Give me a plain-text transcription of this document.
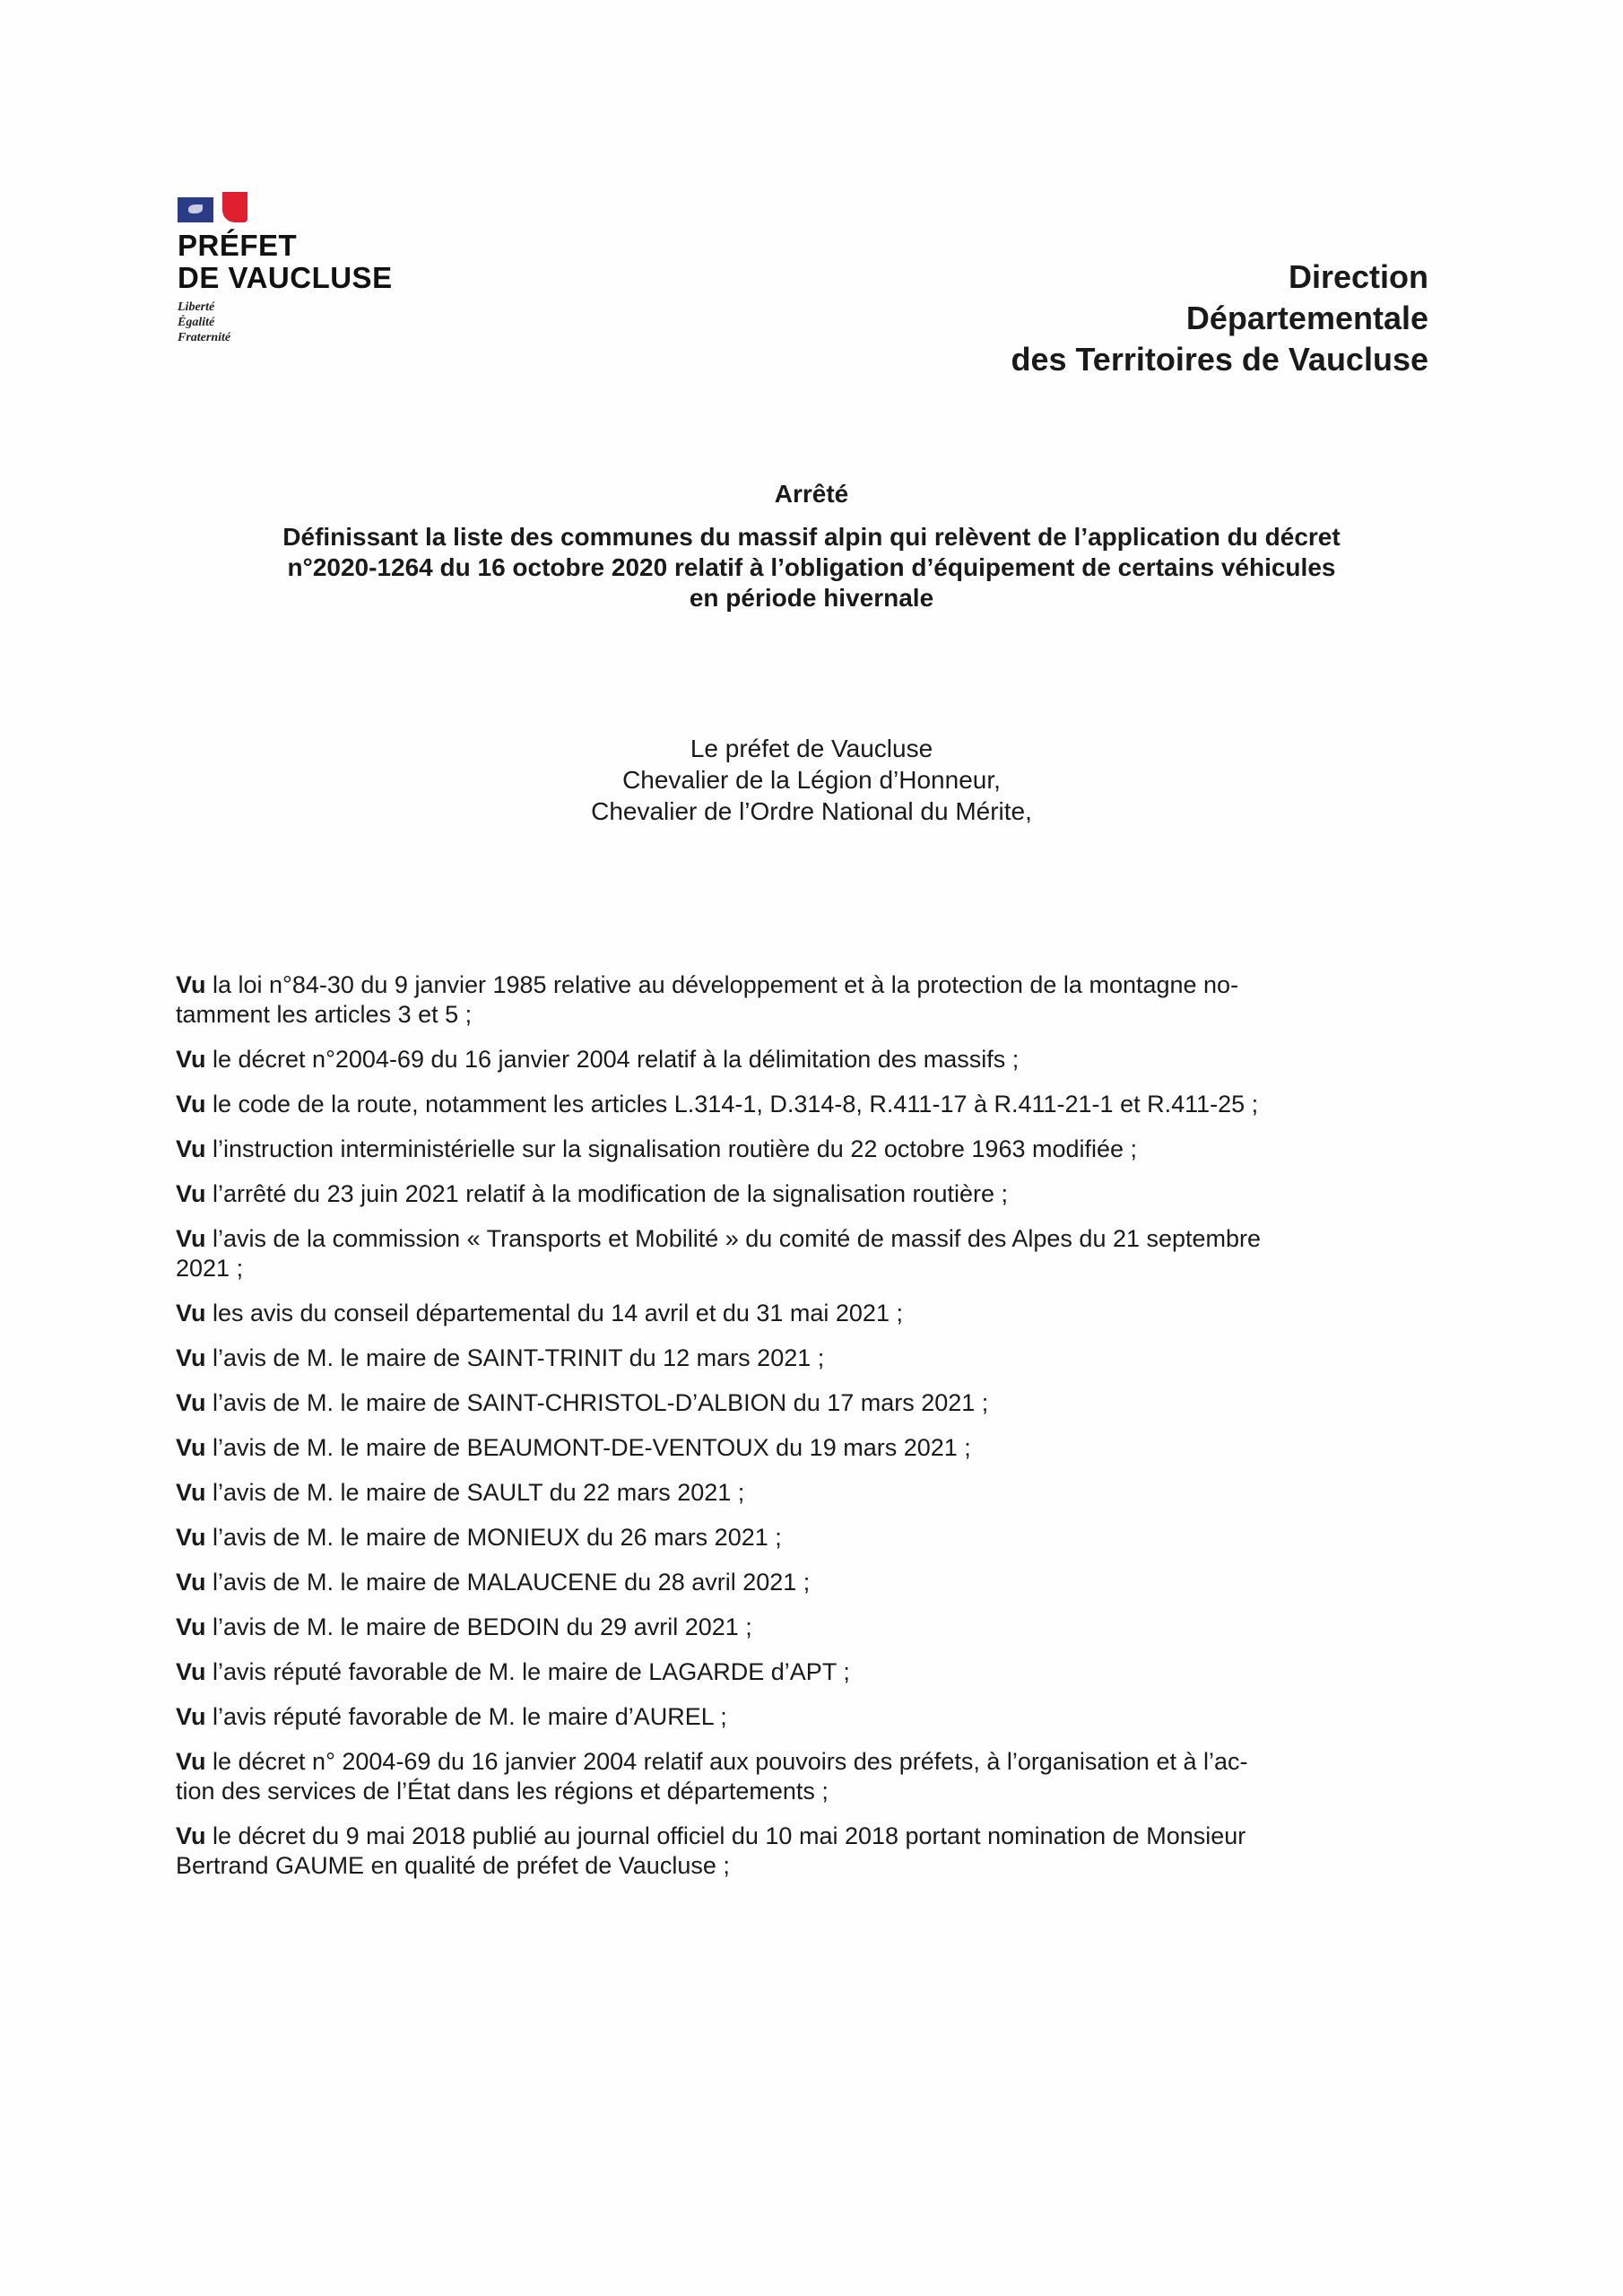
PRÉFET
DE VAUCLUSE
Liberté
Égalité
Fraternité
Direction
Départementale
des Territoires de Vaucluse
Arrêté
Définissant la liste des communes du massif alpin qui relèvent de l’application du décret
n°2020-1264 du 16 octobre 2020 relatif à l’obligation d’équipement de certains véhicules
en période hivernale
Le préfet de Vaucluse
Chevalier de la Légion d’Honneur,
Chevalier de l’Ordre National du Mérite,
Vu la loi n°84-30 du 9 janvier 1985 relative au développement et à la protection de la montagne no-
tamment les articles 3 et 5 ;
Vu le décret n°2004-69 du 16 janvier 2004 relatif à la délimitation des massifs ;
Vu le code de la route, notamment les articles L.314-1, D.314-8, R.411-17 à R.411-21-1 et R.411-25 ;
Vu l’instruction interministérielle sur la signalisation routière du 22 octobre 1963 modifiée ;
Vu l’arrêté du 23 juin 2021 relatif à la modification de la signalisation routière ;
Vu l’avis de la commission « Transports et Mobilité » du comité de massif des Alpes du 21 septembre
2021 ;
Vu les avis du conseil départemental du 14 avril et du 31 mai 2021 ;
Vu l’avis de M. le maire de SAINT-TRINIT du 12 mars 2021 ;
Vu l’avis de M. le maire de SAINT-CHRISTOL-D’ALBION du 17 mars 2021 ;
Vu l’avis de M. le maire de BEAUMONT-DE-VENTOUX du 19 mars 2021 ;
Vu l’avis de M. le maire de SAULT du 22 mars 2021 ;
Vu l’avis de M. le maire de MONIEUX du 26 mars 2021 ;
Vu l’avis de M. le maire de MALAUCENE du 28 avril 2021 ;
Vu l’avis de M. le maire de BEDOIN du 29 avril 2021 ;
Vu l’avis réputé favorable de M. le maire de LAGARDE d’APT ;
Vu l’avis réputé favorable de M. le maire d’AUREL ;
Vu le décret n° 2004-69 du 16 janvier 2004 relatif aux pouvoirs des préfets, à l’organisation et à l’ac-
tion des services de l’État dans les régions et départements ;
Vu le décret du 9 mai 2018 publié au journal officiel du 10 mai 2018 portant nomination de Monsieur
Bertrand GAUME en qualité de préfet de Vaucluse ;
